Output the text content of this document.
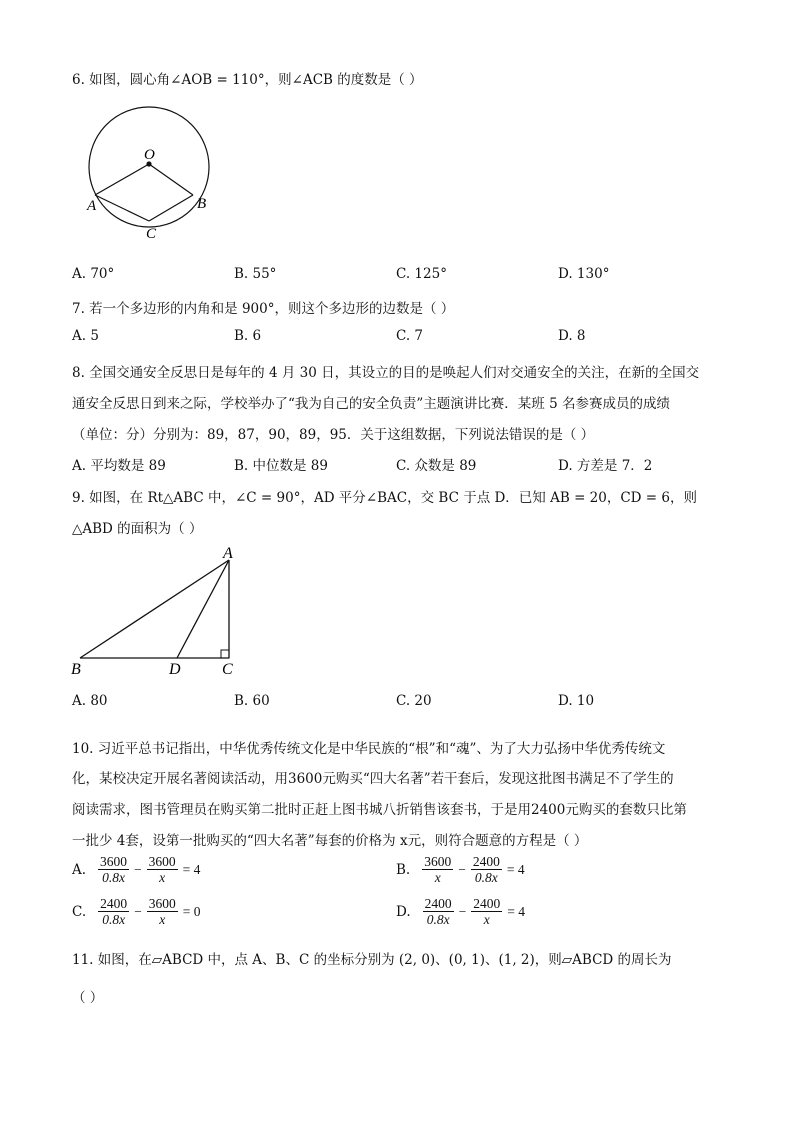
6. 如图，圆心角∠AOB = 110°，则∠ACB 的度数是（ ）
O
A	B
C
A. 70°	B. 55°	C. 125°	D. 130°
7. 若一个多边形的内角和是 900°，则这个多边形的边数是（ ）
A. 5	B. 6	C. 7	D. 8
8. 全国交通安全反思日是每年的 4 月 30 日，其设立的目的是唤起人们对交通安全的关注，在新的全国交
通安全反思日到来之际，学校举办了“我为自己的安全负责”主题演讲比赛．某班 5 名参赛成员的成绩
（单位：分）分别为：89，87，90，89，95．关于这组数据，下列说法错误的是（ ）
A. 平均数是 89	B. 中位数是 89	C. 众数是 89	D. 方差是 7．2
9. 如图，在 Rt△ABC 中，∠C = 90°，AD 平分∠BAC，交 BC 于点 D．已知 AB = 20，CD = 6，则
△ABD 的面积为（ ）
A
B	D	C
A. 80	B. 60	C. 20	D. 10
10. 习近平总书记指出，中华优秀传统文化是中华民族的“根”和“魂”、为了大力弘扬中华优秀传统文
化，某校决定开展名著阅读活动，用3600元购买“四大名著”若干套后，发现这批图书满足不了学生的
阅读需求，图书管理员在购买第二批时正赶上图书城八折销售该套书，于是用2400元购买的套数只比第
一批少 4套，设第一批购买的“四大名著”每套的价格为 x元，则符合题意的方程是（ ）
A. $\frac{3600}{0.8x} - \frac{3600}{x} = 4$	B. $\frac{3600}{x} - \frac{2400}{0.8x} = 4$
C. $\frac{2400}{0.8x} - \frac{3600}{x} = 0$	D. $\frac{2400}{0.8x} - \frac{2400}{x} = 4$
11. 如图，在▱ABCD 中，点 A、B、C 的坐标分别为 (2, 0)、(0, 1)、(1, 2)，则▱ABCD 的周长为
（ ）
